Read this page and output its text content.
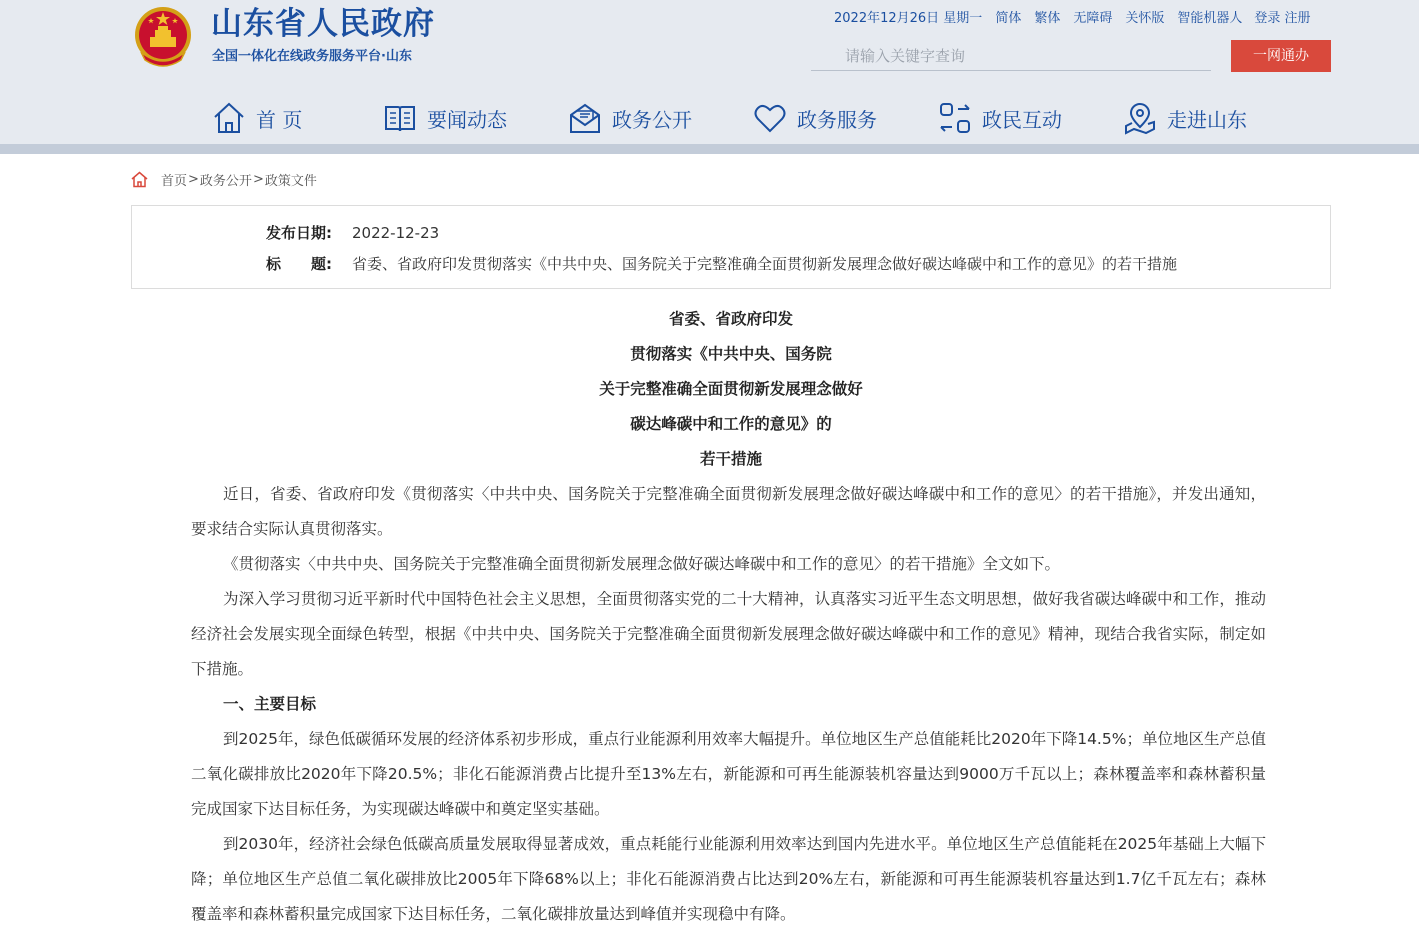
山东省人民政府
全国一体化在线政务服务平台·山东
2022年12月26日 星期一 简体 繁体 无障碍 关怀版 智能机器人 登录 注册
请输入关键字查询
一网通办
首 页	要闻动态	政务公开	政务服务	政民互动	走进山东
首页 > 政务公开 > 政策文件
发布日期: 2022-12-23
标　　题: 省委、省政府印发贯彻落实《中共中央、国务院关于完整准确全面贯彻新发展理念做好碳达峰碳中和工作的意见》的若干措施
省委、省政府印发
贯彻落实《中共中央、国务院
关于完整准确全面贯彻新发展理念做好
碳达峰碳中和工作的意见》的
若干措施

近日，省委、省政府印发《贯彻落实〈中共中央、国务院关于完整准确全面贯彻新发展理念做好碳达峰碳中和工作的意见〉的若干措施》，并发出通知，要求结合实际认真贯彻落实。

《贯彻落实〈中共中央、国务院关于完整准确全面贯彻新发展理念做好碳达峰碳中和工作的意见〉的若干措施》全文如下。

为深入学习贯彻习近平新时代中国特色社会主义思想，全面贯彻落实党的二十大精神，认真落实习近平生态文明思想，做好我省碳达峰碳中和工作，推动经济社会发展实现全面绿色转型，根据《中共中央、国务院关于完整准确全面贯彻新发展理念做好碳达峰碳中和工作的意见》精神，现结合我省实际，制定如下措施。

一、主要目标

到2025年，绿色低碳循环发展的经济体系初步形成，重点行业能源利用效率大幅提升。单位地区生产总值能耗比2020年下降14.5%；单位地区生产总值二氧化碳排放比2020年下降20.5%；非化石能源消费占比提升至13%左右，新能源和可再生能源装机容量达到9000万千瓦以上；森林覆盖率和森林蓄积量完成国家下达目标任务，为实现碳达峰碳中和奠定坚实基础。

到2030年，经济社会绿色低碳高质量发展取得显著成效，重点耗能行业能源利用效率达到国内先进水平。单位地区生产总值能耗在2025年基础上大幅下降；单位地区生产总值二氧化碳排放比2005年下降68%以上；非化石能源消费占比达到20%左右，新能源和可再生能源装机容量达到1.7亿千瓦左右；森林覆盖率和森林蓄积量完成国家下达目标任务，二氧化碳排放量达到峰值并实现稳中有降。
